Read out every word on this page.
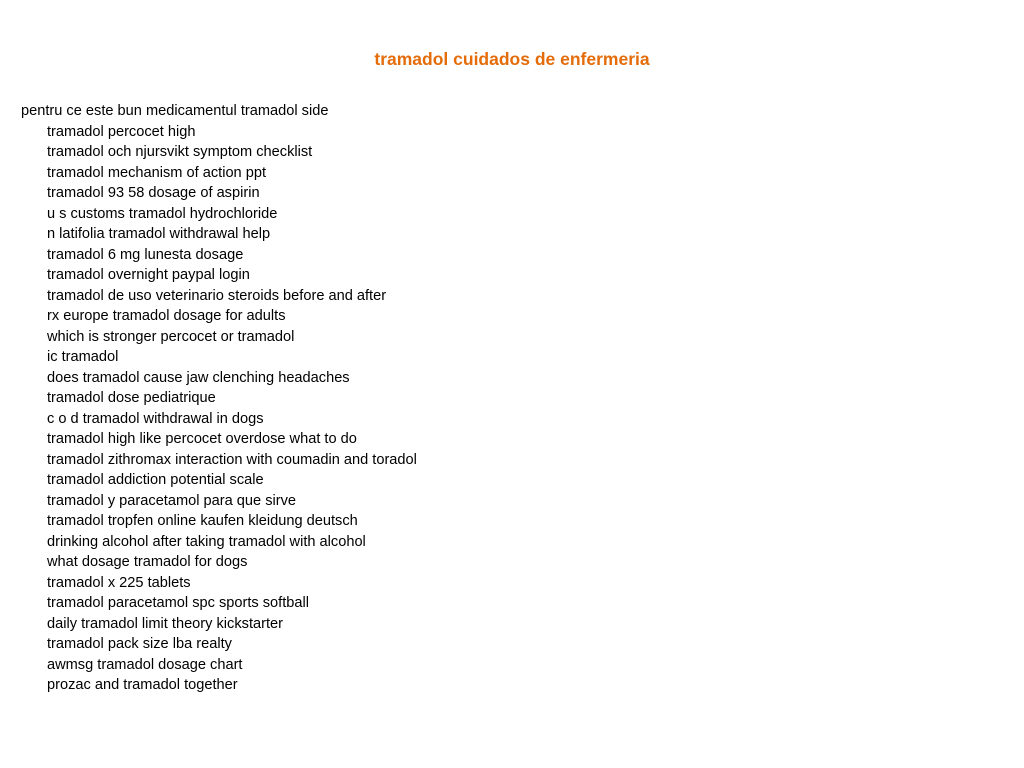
tramadol cuidados de enfermeria

pentru ce este bun medicamentul tramadol side

tramadol percocet high
tramadol och njursvikt symptom checklist
tramadol mechanism of action ppt
tramadol 93 58 dosage of aspirin
u s customs tramadol hydrochloride
n latifolia tramadol withdrawal help
tramadol 6 mg lunesta dosage
tramadol overnight paypal login
tramadol de uso veterinario steroids before and after
rx europe tramadol dosage for adults
which is stronger percocet or tramadol
ic tramadol
does tramadol cause jaw clenching headaches
tramadol dose pediatrique
c o d tramadol withdrawal in dogs
tramadol high like percocet overdose what to do
tramadol zithromax interaction with coumadin and toradol
tramadol addiction potential scale
tramadol y paracetamol para que sirve
tramadol tropfen online kaufen kleidung deutsch
drinking alcohol after taking tramadol with alcohol
what dosage tramadol for dogs
tramadol x 225 tablets
tramadol paracetamol spc sports softball
daily tramadol limit theory kickstarter
tramadol pack size lba realty
awmsg tramadol dosage chart
prozac and tramadol together
